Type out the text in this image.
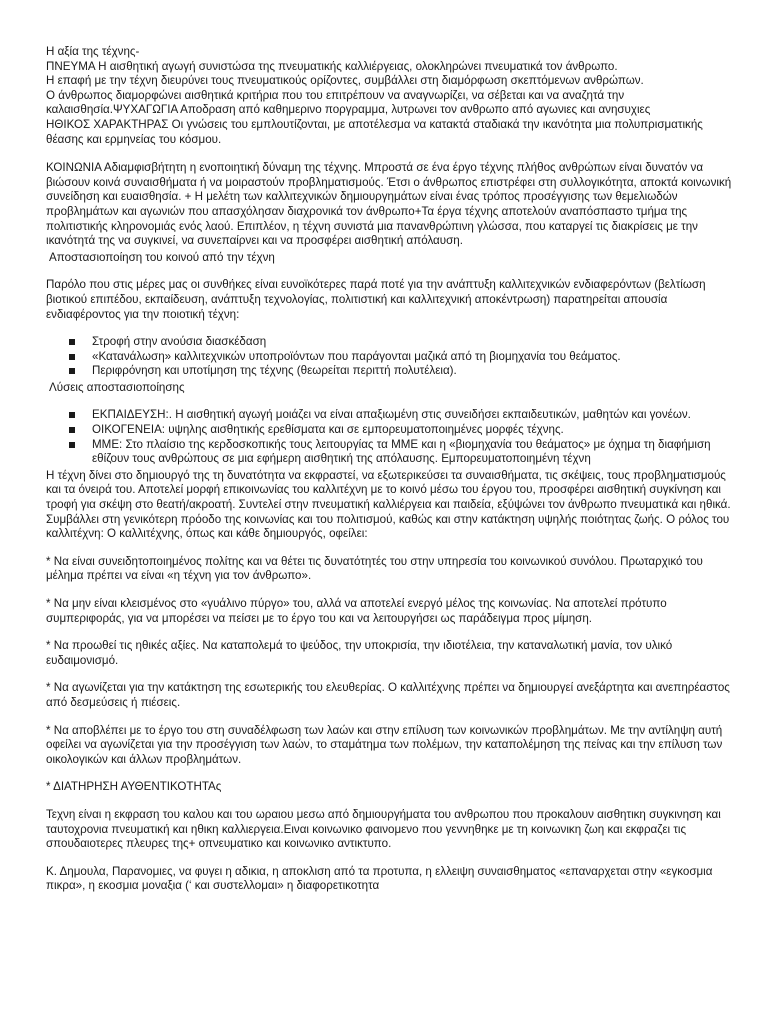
Η αξία της τέχνης-

ΠΝΕΥΜΑ Η αισθητική αγωγή συνιστώσα της πνευματικής καλλιέργειας, ολοκληρώνει πνευματικά τον άνθρωπο.

Η επαφή με την τέχνη διευρύνει τους πνευματικούς ορίζοντες, συμβάλλει στη διαμόρφωση σκεπτόμενων ανθρώπων.

Ο άνθρωπος διαμορφώνει αισθητικά κριτήρια που του επιτρέπουν να αναγνωρίζει, να σέβεται και να αναζητά την καλαισθησία.ΨΥΧΑΓΩΓΙΑ Αποδραση από καθημερινο ποργραμμα, λυτρωνει τον ανθρωπο από αγωνιες και ανησυχιες

ΗΘΙΚΟΣ ΧΑΡΑΚΤΗΡΑΣ Οι γνώσεις του εμπλουτίζονται, με αποτέλεσμα να κατακτά σταδιακά την ικανότητα μια πολυπρισματικής θέασης και ερμηνείας του κόσμου.

ΚΟΙΝΩΝΙΑ Αδιαμφισβήτητη η ενοποιητική δύναμη της τέχνης. Μπροστά σε ένα έργο τέχνης πλήθος ανθρώπων είναι δυνατόν να βιώσουν κοινά συναισθήματα ή να μοιραστούν προβληματισμούς. Έτσι ο άνθρωπος επιστρέφει στη συλλογικότητα, αποκτά κοινωνική συνείδηση και ευαισθησία. + Η μελέτη των καλλιτεχνικών δημιουργημάτων είναι ένας τρόπος προσέγγισης των θεμελιωδών προβλημάτων και αγωνιών που απασχόλησαν διαχρονικά τον άνθρωπο+Τα έργα τέχνης αποτελούν αναπόσπαστο τμήμα της πολιτιστικής κληρονομιάς ενός λαού. Επιπλέον, η τέχνη συνιστά μια πανανθρώπινη γλώσσα, που καταργεί τις διακρίσεις με την ικανότητά της να συγκινεί, να συνεπαίρνει και να προσφέρει αισθητική απόλαυση.

Αποστασιοποίηση του κοινού από την τέχνη

Παρόλο που στις μέρες μας οι συνθήκες είναι ευνοϊκότερες παρά ποτέ για την ανάπτυξη καλλιτεχνικών ενδιαφερόντων (βελτίωση βιοτικού επιπέδου, εκπαίδευση, ανάπτυξη τεχνολογίας, πολιτιστική και καλλιτεχνική αποκέντρωση) παρατηρείται απουσία ενδιαφέροντος για την ποιοτική τέχνη:

Στροφή στην ανούσια διασκέδαση
«Κατανάλωση» καλλιτεχνικών υποπροϊόντων που παράγονται μαζικά από τη βιομηχανία του θεάματος.
Περιφρόνηση και υποτίμηση της τέχνης (θεωρείται περιττή πολυτέλεια).

Λύσεις αποστασιοποίησης

ΕΚΠΑΙΔΕΥΣΗ:. Η αισθητική αγωγή μοιάζει να είναι απαξιωμένη στις συνειδήσει εκπαιδευτικών, μαθητών και γονέων.
ΟΙΚΟΓΕΝΕΙΑ: υψηλης αισθητικής ερεθίσματα και σε εμπορευματοποιημένες μορφές τέχνης.
ΜΜΕ: Στο πλαίσιο της κερδοσκοπικής τους λειτουργίας τα ΜΜΕ και η «βιομηχανία του θεάματος» με όχημα τη διαφήμιση εθίζουν τους ανθρώπους σε μια εφήμερη αισθητική της απόλαυσης. Εμπορευματοποιημένη τέχνη

Η τέχνη δίνει στο δημιουργό της τη δυνατότητα να εκφραστεί, να εξωτερικεύσει τα συναισθήματα, τις σκέψεις, τους προβληματισμούς και τα όνειρά του. Αποτελεί μορφή επικοινωνίας του καλλιτέχνη με το κοινό μέσω του έργου του, προσφέρει αισθητική συγκίνηση και τροφή για σκέψη στο θεατή/ακροατή. Συντελεί στην πνευματική καλλιέργεια και παιδεία, εξύψώνει τον άνθρωπο πνευματικά και ηθικά. Συμβάλλει στη γενικότερη πρόοδο της κοινωνίας και του πολιτισμού, καθώς και στην κατάκτηση υψηλής ποιότητας ζωής. Ο ρόλος του καλλιτέχνη: Ο καλλιτέχνης, όπως και κάθε δημιουργός, οφείλει:

* Να είναι συνειδητοποιημένος πολίτης και να θέτει τις δυνατότητές του στην υπηρεσία του κοινωνικού συνόλου. Πρωταρχικό του μέλημα πρέπει να είναι «η τέχνη για τον άνθρωπο».

* Να μην είναι κλεισμένος στο «γυάλινο πύργο» του, αλλά να αποτελεί ενεργό μέλος της κοινωνίας. Να αποτελεί πρότυπο συμπεριφοράς, για να μπορέσει να πείσει με το έργο του και να λειτουργήσει ως παράδειγμα προς μίμηση.

* Να προωθεί τις ηθικές αξίες. Να καταπολεμά το ψεύδος, την υποκρισία, την ιδιοτέλεια, την καταναλωτική μανία, τον υλικό ευδαιμονισμό.

* Να αγωνίζεται για την κατάκτηση της εσωτερικής του ελευθερίας. Ο καλλιτέχνης πρέπει να δημιουργεί ανεξάρτητα και ανεπηρέαστος από δεσμεύσεις ή πιέσεις.

* Να αποβλέπει με το έργο του στη συναδέλφωση των λαών και στην επίλυση των κοινωνικών προβλημάτων. Με την αντίληψη αυτή οφείλει να αγωνίζεται για την προσέγγιση των λαών, το σταμάτημα των πολέμων, την καταπολέμηση της πείνας και την επίλυση των οικολογικών και άλλων προβλημάτων.

* ΔΙΑΤΗΡΗΣΗ ΑΥΘΕΝΤΙΚΟΤΗΤΑς

Τεχνη είναι η εκφραση του καλου και του ωραιου μεσω από δημιουργήματα του ανθρωπου που προκαλουν αισθητικη συγκινηση και ταυτοχρονια πνευματική και ηθικη καλλιεργεια.Ειναι κοινωνικο φαινομενο που γεννηθηκε με τη κοινωνικη ζωη και εκφραζει τις σπουδαιοτερες πλευρες της+ οπνευματικο και κοινωνικο αντικτυπο.

Κ. Δημουλα, Παρανομιες, να φυγει η αδικια, η αποκλιση από τα προτυπα, η ελλειψη συναισθηματος «επαναρχεται στην «εγκοσμια πικρα», η εκοσμια μοναξια (‘ και συστελλομαι» η διαφορετικοτητα
